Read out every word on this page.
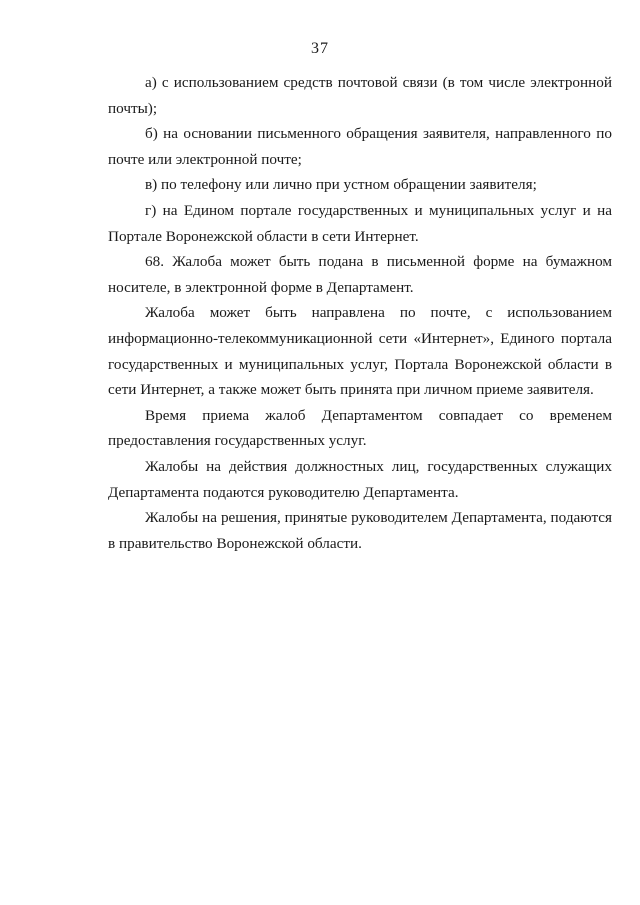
37

а) с использованием средств почтовой связи (в том числе электронной почты);

б) на основании письменного обращения заявителя, направленного по почте или электронной почте;

в) по телефону или лично при устном обращении заявителя;

г) на Едином портале государственных и муниципальных услуг и на Портале Воронежской области в сети Интернет.

68. Жалоба может быть подана в письменной форме на бумажном носителе, в электронной форме в Департамент.

Жалоба может быть направлена по почте, с использованием информационно-телекоммуникационной сети «Интернет», Единого портала государственных и муниципальных услуг, Портала Воронежской области в сети Интернет, а также может быть принята при личном приеме заявителя.

Время приема жалоб Департаментом совпадает со временем предоставления государственных услуг.

Жалобы на действия должностных лиц, государственных служащих Департамента подаются руководителю Департамента.

Жалобы на решения, принятые руководителем Департамента, подаются в правительство Воронежской области.
